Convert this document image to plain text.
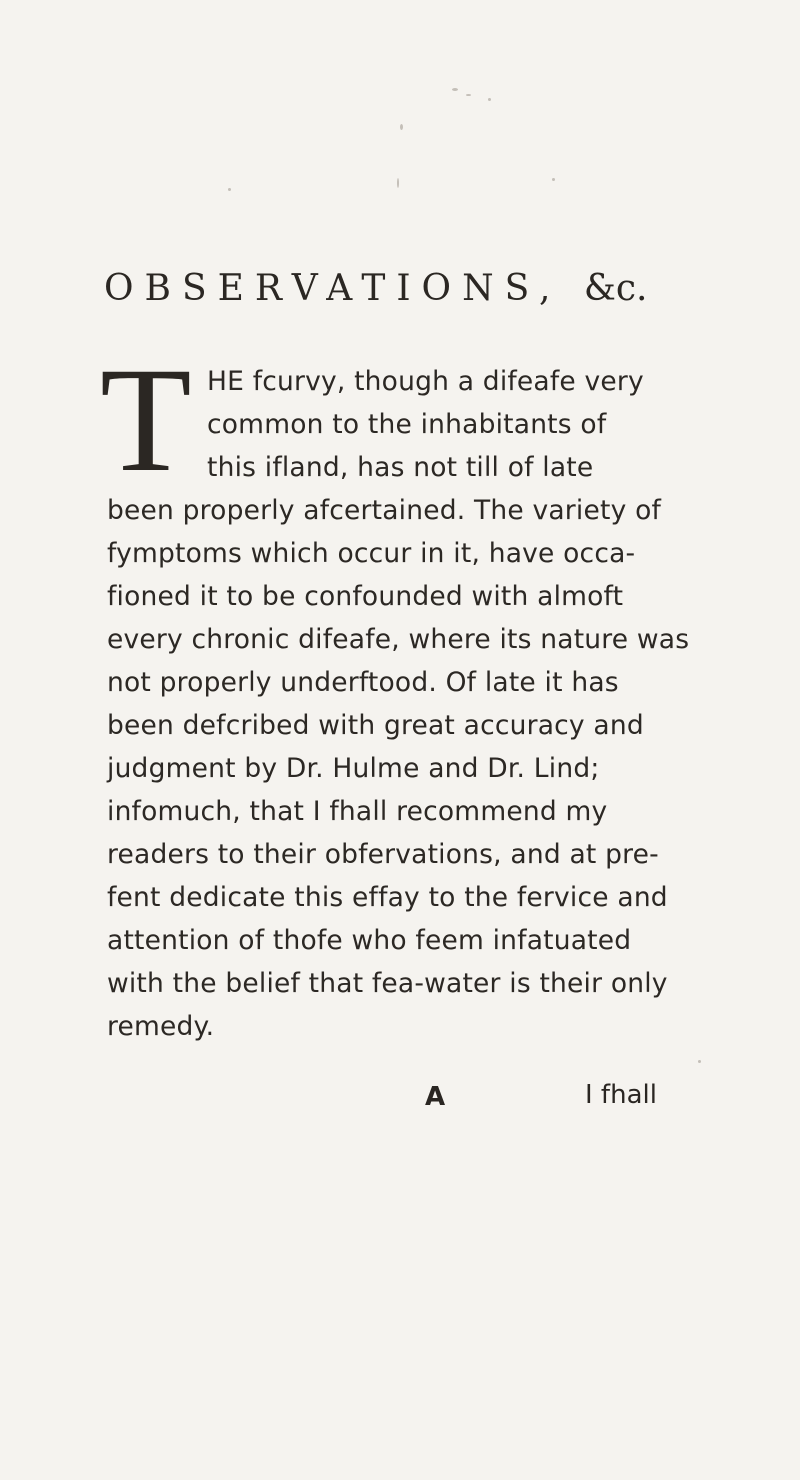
OBSERVATIONS, &c.
T HE fcurvy, though a difeafe very
common to the inhabitants of
this ifland, has not till of late
been properly afcertained. The variety of
fymptoms which occur in it, have occa-
fioned it to be confounded with almoft
every chronic difeafe, where its nature was
not properly underftood. Of late it has
been defcribed with great accuracy and
judgment by Dr. Hulme and Dr. Lind;
infomuch, that I fhall recommend my
readers to their obfervations, and at pre-
fent dedicate this effay to the fervice and
attention of thofe who feem infatuated
with the belief that fea-water is their only
remedy.
A	I fhall
